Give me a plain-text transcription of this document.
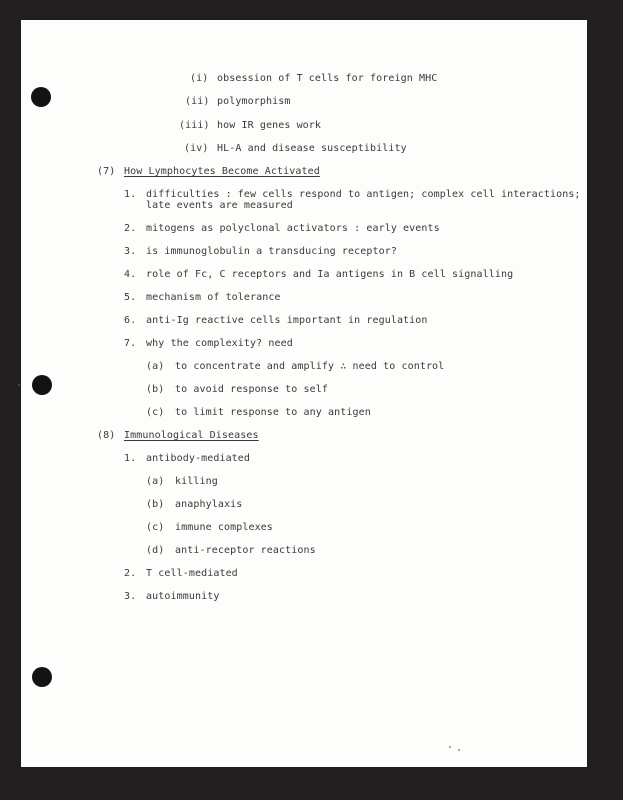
(i) obsession of T cells for foreign MHC
(ii) polymorphism
(iii) how IR genes work
(iv) HL-A and disease susceptibility
(7) How Lymphocytes Become Activated
1. difficulties : few cells respond to antigen; complex cell interactions;
late events are measured
2. mitogens as polyclonal activators : early events
3. is immunoglobulin a transducing receptor?
4. role of Fc, C receptors and Ia antigens in B cell signalling
5. mechanism of tolerance
6. anti-Ig reactive cells important in regulation
7. why the complexity? need
(a) to concentrate and amplify ∴ need to control
(b) to avoid response to self
(c) to limit response to any antigen
(8) Immunological Diseases
1. antibody-mediated
(a) killing
(b) anaphylaxis
(c) immune complexes
(d) anti-receptor reactions
2. T cell-mediated
3. autoimmunity
